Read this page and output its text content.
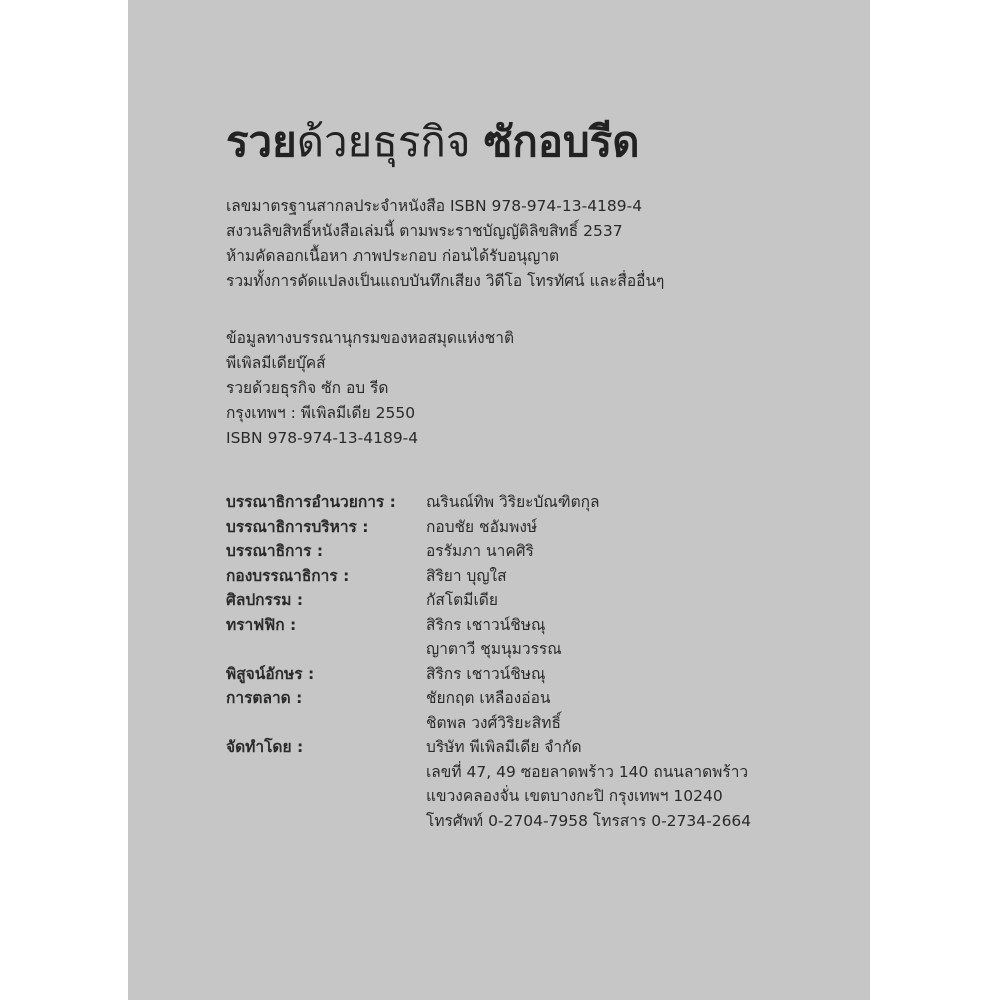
รวยด้วยธุรกิจ ซักอบรีด
เลขมาตรฐานสากลประจำหนังสือ ISBN 978-974-13-4189-4
สงวนลิขสิทธิ์หนังสือเล่มนี้ ตามพระราชบัญญัติลิขสิทธิ์ 2537
ห้ามคัดลอกเนื้อหา ภาพประกอบ ก่อนได้รับอนุญาต
รวมทั้งการดัดแปลงเป็นแถบบันทึกเสียง วิดีโอ โทรทัศน์ และสื่ออื่นๆ
ข้อมูลทางบรรณานุกรมของหอสมุดแห่งชาติ
พีเพิลมีเดียบุ๊คส์
รวยด้วยธุรกิจ ซัก อบ รีด
กรุงเทพฯ : พีเพิลมีเดีย 2550
ISBN 978-974-13-4189-4
บรรณาธิการอำนวยการ :	ณรินณ์ทิพ วิริยะบัณฑิตกุล
บรรณาธิการบริหาร :	กอบชัย ชอัมพงษ์
บรรณาธิการ :	อรรัมภา นาคศิริ
กองบรรณาธิการ :	สิริยา บุญใส
ศิลปกรรม :	กัสโตมีเดีย
ทราฟฟิก :	สิริกร เชาวน์ชิษณุ
ญาตาวี ชุมนุมวรรณ
พิสูจน์อักษร :	สิริกร เชาวน์ชิษณุ
การตลาด :	ชัยกฤต เหลืองอ่อน
ชิตพล วงศ์วิริยะสิทธิ์
จัดทำโดย :	บริษัท พีเพิลมีเดีย จำกัด
เลขที่ 47, 49 ซอยลาดพร้าว 140 ถนนลาดพร้าว
แขวงคลองจั่น เขตบางกะปิ กรุงเทพฯ 10240
โทรศัพท์ 0-2704-7958 โทรสาร 0-2734-2664
